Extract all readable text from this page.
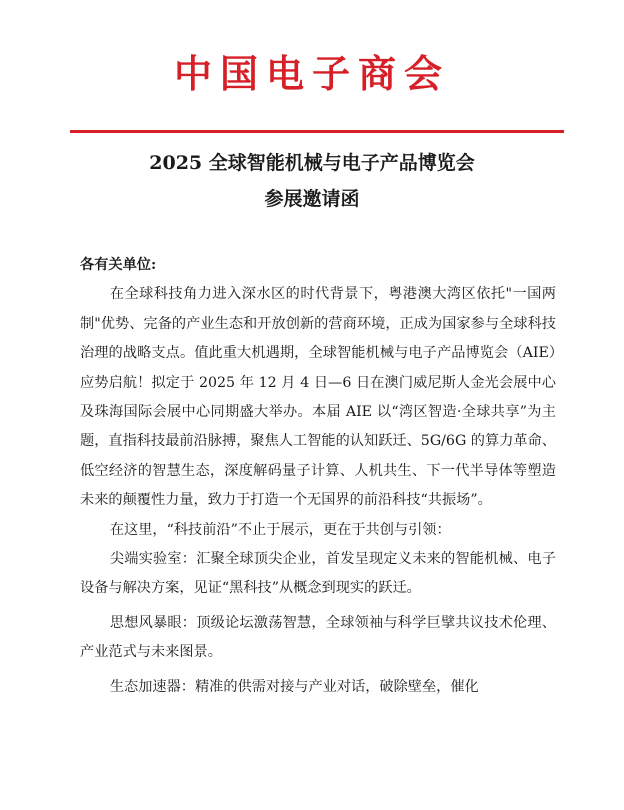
中国电子商会
2025 全球智能机械与电子产品博览会
参展邀请函

各有关单位:

在全球科技角力进入深水区的时代背景下，粤港澳大湾区依托"一国两制"优势、完备的产业生态和开放创新的营商环境，正成为国家参与全球科技治理的战略支点。值此重大机遇期，全球智能机械与电子产品博览会（AIE）应势启航！拟定于 2025 年 12 月 4 日—6 日在澳门威尼斯人金光会展中心及珠海国际会展中心同期盛大举办。本届 AIE 以“湾区智造·全球共享”为主题，直指科技最前沿脉搏，聚焦人工智能的认知跃迁、5G/6G 的算力革命、低空经济的智慧生态，深度解码量子计算、人机共生、下一代半导体等塑造未来的颠覆性力量，致力于打造一个无国界的前沿科技“共振场”。

在这里，“科技前沿”不止于展示，更在于共创与引领：

尖端实验室：汇聚全球顶尖企业，首发呈现定义未来的智能机械、电子设备与解决方案，见证“黑科技”从概念到现实的跃迁。

思想风暴眼：顶级论坛激荡智慧，全球领袖与科学巨擘共议技术伦理、产业范式与未来图景。

生态加速器：精准的供需对接与产业对话，破除壁垒，催化
